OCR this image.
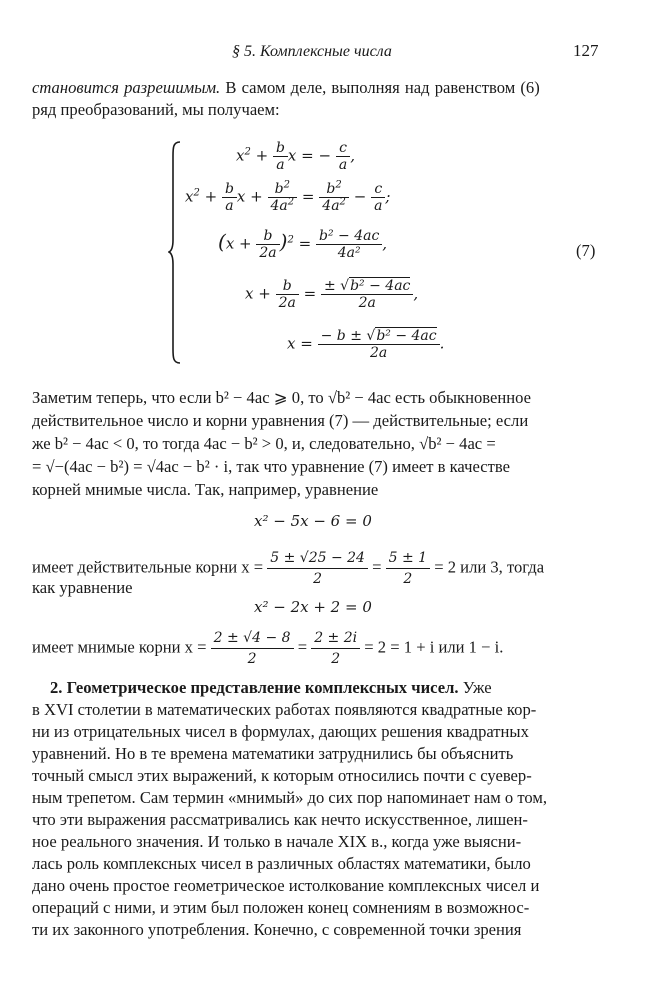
§ 5. Комплексные числа	127
становится разрешимым. В самом деле, выполняя над равенством (6)
ряд преобразований, мы получаем:
$x^2 + \frac{b}{a}$ x = − $\frac{c}{a}$ ,
$x^2 + \frac{b}{a}$ $x + \frac{b^2}{4a^2} = \frac{b^2}{4a^2} - \frac{c}{a}$ ;
$(x + \frac{b}{2a} )^2 = \frac{\text{b² − 4ac}}{\text{4a²}}$ ,	(7)
$x + \frac{b}{2a} = \frac{\text{± √b² − 4ac}}{2a}$ ,
$x = \frac{\text{− b ± √b² − 4ac}}{2a}$ .
Заметим теперь, что если b² − 4ac ⩾ 0, то √b² − 4ac есть обыкновенное
действительное число и корни уравнения (7) — действительные; если
же b² − 4ac < 0, то тогда 4ac − b² > 0, и, следовательно, √b² − 4ac =
= √−(4ac − b²) = √4ac − b² · i, так что уравнение (7) имеет в качестве
корней мнимые числа. Так, например, уравнение
x² − 5x − 6 = 0
имеет действительные корни $x = \frac{5 \pm √25 - 24}{2} = \frac{5 \pm 1}{2} = 2$ или 3, тогда
как уравнение
x² − 2x + 2 = 0
имеет мнимые корни $x = \frac{2 \pm √4 - 8}{2} = \frac{2 \pm 2i}{2} = 2 = 1 + i$ или 1 − i.
2. Геометрическое представление комплексных чисел. Уже
в XVI столетии в математических работах появляются квадратные кор-
ни из отрицательных чисел в формулах, дающих решения квадратных
уравнений. Но в те времена математики затруднились бы объяснить
точный смысл этих выражений, к которым относились почти с суевер-
ным трепетом. Сам термин «мнимый» до сих пор напоминает нам о том,
что эти выражения рассматривались как нечто искусственное, лишен-
ное реального значения. И только в начале XIX в., когда уже выясни-
лась роль комплексных чисел в различных областях математики, было
дано очень простое геометрическое истолкование комплексных чисел и
операций с ними, и этим был положен конец сомнениям в возможнос-
ти их законного употребления. Конечно, с современной точки зрения
